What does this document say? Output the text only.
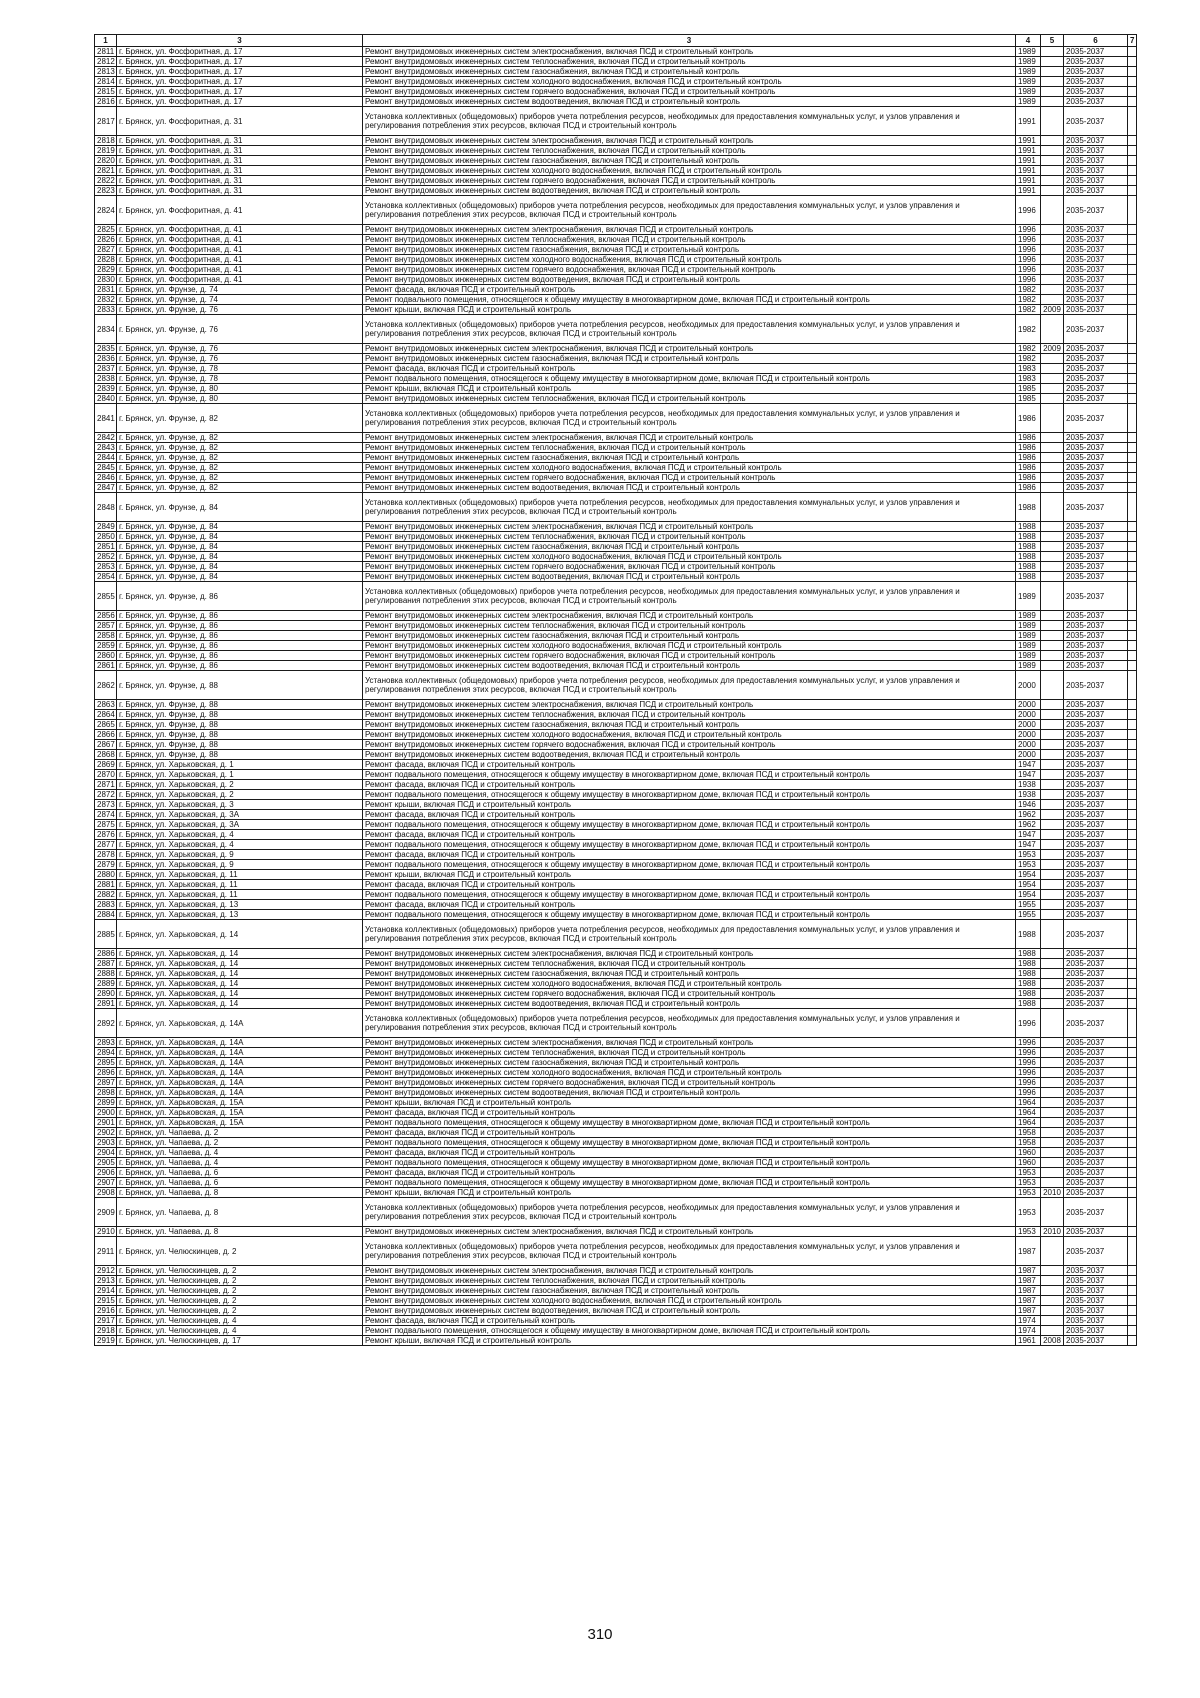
1	3	3	4	5	6	7
2811	г. Брянск, ул. Фосфоритная, д. 17	Ремонт внутридомовых инженерных систем электроснабжения, включая ПСД и строительный контроль	1989		2035-2037	
2812	г. Брянск, ул. Фосфоритная, д. 17	Ремонт внутридомовых инженерных систем теплоснабжения, включая ПСД и строительный контроль	1989		2035-2037	
2813	г. Брянск, ул. Фосфоритная, д. 17	Ремонт внутридомовых инженерных систем газоснабжения, включая ПСД и строительный контроль	1989		2035-2037	
2814	г. Брянск, ул. Фосфоритная, д. 17	Ремонт внутридомовых инженерных систем холодного водоснабжения, включая ПСД и строительный контроль	1989		2035-2037	
2815	г. Брянск, ул. Фосфоритная, д. 17	Ремонт внутридомовых инженерных систем горячего водоснабжения, включая ПСД и строительный контроль	1989		2035-2037	
2816	г. Брянск, ул. Фосфоритная, д. 17	Ремонт внутридомовых инженерных систем водоотведения, включая ПСД и строительный контроль	1989		2035-2037	
2817	г. Брянск, ул. Фосфоритная, д. 31	Установка коллективных (общедомовых) приборов учета потребления ресурсов, необходимых для предоставления коммунальных услуг, и узлов управления и регулирования потребления этих ресурсов, включая ПСД и строительный контроль	1991		2035-2037	
2818	г. Брянск, ул. Фосфоритная, д. 31	Ремонт внутридомовых инженерных систем электроснабжения, включая ПСД и строительный контроль	1991		2035-2037	
2819	г. Брянск, ул. Фосфоритная, д. 31	Ремонт внутридомовых инженерных систем теплоснабжения, включая ПСД и строительный контроль	1991		2035-2037	
2820	г. Брянск, ул. Фосфоритная, д. 31	Ремонт внутридомовых инженерных систем газоснабжения, включая ПСД и строительный контроль	1991		2035-2037	
2821	г. Брянск, ул. Фосфоритная, д. 31	Ремонт внутридомовых инженерных систем холодного водоснабжения, включая ПСД и строительный контроль	1991		2035-2037	
2822	г. Брянск, ул. Фосфоритная, д. 31	Ремонт внутридомовых инженерных систем горячего водоснабжения, включая ПСД и строительный контроль	1991		2035-2037	
2823	г. Брянск, ул. Фосфоритная, д. 31	Ремонт внутридомовых инженерных систем водоотведения, включая ПСД и строительный контроль	1991		2035-2037	
2824	г. Брянск, ул. Фосфоритная, д. 41	Установка коллективных (общедомовых) приборов учета потребления ресурсов, необходимых для предоставления коммунальных услуг, и узлов управления и регулирования потребления этих ресурсов, включая ПСД и строительный контроль	1996		2035-2037	
2825	г. Брянск, ул. Фосфоритная, д. 41	Ремонт внутридомовых инженерных систем электроснабжения, включая ПСД и строительный контроль	1996		2035-2037	
2826	г. Брянск, ул. Фосфоритная, д. 41	Ремонт внутридомовых инженерных систем теплоснабжения, включая ПСД и строительный контроль	1996		2035-2037	
2827	г. Брянск, ул. Фосфоритная, д. 41	Ремонт внутридомовых инженерных систем газоснабжения, включая ПСД и строительный контроль	1996		2035-2037	
2828	г. Брянск, ул. Фосфоритная, д. 41	Ремонт внутридомовых инженерных систем холодного водоснабжения, включая ПСД и строительный контроль	1996		2035-2037	
2829	г. Брянск, ул. Фосфоритная, д. 41	Ремонт внутридомовых инженерных систем горячего водоснабжения, включая ПСД и строительный контроль	1996		2035-2037	
2830	г. Брянск, ул. Фосфоритная, д. 41	Ремонт внутридомовых инженерных систем водоотведения, включая ПСД и строительный контроль	1996		2035-2037	
2831	г. Брянск, ул. Фрунзе, д. 74	Ремонт фасада, включая ПСД и строительный контроль	1982		2035-2037	
2832	г. Брянск, ул. Фрунзе, д. 74	Ремонт подвального помещения, относящегося к общему имуществу в многоквартирном доме, включая ПСД и строительный контроль	1982		2035-2037	
2833	г. Брянск, ул. Фрунзе, д. 76	Ремонт крыши, включая ПСД и строительный контроль	1982	2009	2035-2037	
2834	г. Брянск, ул. Фрунзе, д. 76	Установка коллективных (общедомовых) приборов учета потребления ресурсов, необходимых для предоставления коммунальных услуг, и узлов управления и регулирования потребления этих ресурсов, включая ПСД и строительный контроль	1982		2035-2037	
2835	г. Брянск, ул. Фрунзе, д. 76	Ремонт внутридомовых инженерных систем электроснабжения, включая ПСД и строительный контроль	1982	2009	2035-2037	
2836	г. Брянск, ул. Фрунзе, д. 76	Ремонт внутридомовых инженерных систем газоснабжения, включая ПСД и строительный контроль	1982		2035-2037	
2837	г. Брянск, ул. Фрунзе, д. 78	Ремонт фасада, включая ПСД и строительный контроль	1983		2035-2037	
2838	г. Брянск, ул. Фрунзе, д. 78	Ремонт подвального помещения, относящегося к общему имуществу в многоквартирном доме, включая ПСД и строительный контроль	1983		2035-2037	
2839	г. Брянск, ул. Фрунзе, д. 80	Ремонт крыши, включая ПСД и строительный контроль	1985		2035-2037	
2840	г. Брянск, ул. Фрунзе, д. 80	Ремонт внутридомовых инженерных систем теплоснабжения, включая ПСД и строительный контроль	1985		2035-2037	
2841	г. Брянск, ул. Фрунзе, д. 82	Установка коллективных (общедомовых) приборов учета потребления ресурсов, необходимых для предоставления коммунальных услуг, и узлов управления и регулирования потребления этих ресурсов, включая ПСД и строительный контроль	1986		2035-2037	
2842	г. Брянск, ул. Фрунзе, д. 82	Ремонт внутридомовых инженерных систем электроснабжения, включая ПСД и строительный контроль	1986		2035-2037	
2843	г. Брянск, ул. Фрунзе, д. 82	Ремонт внутридомовых инженерных систем теплоснабжения, включая ПСД и строительный контроль	1986		2035-2037	
2844	г. Брянск, ул. Фрунзе, д. 82	Ремонт внутридомовых инженерных систем газоснабжения, включая ПСД и строительный контроль	1986		2035-2037	
2845	г. Брянск, ул. Фрунзе, д. 82	Ремонт внутридомовых инженерных систем холодного водоснабжения, включая ПСД и строительный контроль	1986		2035-2037	
2846	г. Брянск, ул. Фрунзе, д. 82	Ремонт внутридомовых инженерных систем горячего водоснабжения, включая ПСД и строительный контроль	1986		2035-2037	
2847	г. Брянск, ул. Фрунзе, д. 82	Ремонт внутридомовых инженерных систем водоотведения, включая ПСД и строительный контроль	1986		2035-2037	
2848	г. Брянск, ул. Фрунзе, д. 84	Установка коллективных (общедомовых) приборов учета потребления ресурсов, необходимых для предоставления коммунальных услуг, и узлов управления и регулирования потребления этих ресурсов, включая ПСД и строительный контроль	1988		2035-2037	
2849	г. Брянск, ул. Фрунзе, д. 84	Ремонт внутридомовых инженерных систем электроснабжения, включая ПСД и строительный контроль	1988		2035-2037	
2850	г. Брянск, ул. Фрунзе, д. 84	Ремонт внутридомовых инженерных систем теплоснабжения, включая ПСД и строительный контроль	1988		2035-2037	
2851	г. Брянск, ул. Фрунзе, д. 84	Ремонт внутридомовых инженерных систем газоснабжения, включая ПСД и строительный контроль	1988		2035-2037	
2852	г. Брянск, ул. Фрунзе, д. 84	Ремонт внутридомовых инженерных систем холодного водоснабжения, включая ПСД и строительный контроль	1988		2035-2037	
2853	г. Брянск, ул. Фрунзе, д. 84	Ремонт внутридомовых инженерных систем горячего водоснабжения, включая ПСД и строительный контроль	1988		2035-2037	
2854	г. Брянск, ул. Фрунзе, д. 84	Ремонт внутридомовых инженерных систем водоотведения, включая ПСД и строительный контроль	1988		2035-2037	
2855	г. Брянск, ул. Фрунзе, д. 86	Установка коллективных (общедомовых) приборов учета потребления ресурсов, необходимых для предоставления коммунальных услуг, и узлов управления и регулирования потребления этих ресурсов, включая ПСД и строительный контроль	1989		2035-2037	
2856	г. Брянск, ул. Фрунзе, д. 86	Ремонт внутридомовых инженерных систем электроснабжения, включая ПСД и строительный контроль	1989		2035-2037	
2857	г. Брянск, ул. Фрунзе, д. 86	Ремонт внутридомовых инженерных систем теплоснабжения, включая ПСД и строительный контроль	1989		2035-2037	
2858	г. Брянск, ул. Фрунзе, д. 86	Ремонт внутридомовых инженерных систем газоснабжения, включая ПСД и строительный контроль	1989		2035-2037	
2859	г. Брянск, ул. Фрунзе, д. 86	Ремонт внутридомовых инженерных систем холодного водоснабжения, включая ПСД и строительный контроль	1989		2035-2037	
2860	г. Брянск, ул. Фрунзе, д. 86	Ремонт внутридомовых инженерных систем горячего водоснабжения, включая ПСД и строительный контроль	1989		2035-2037	
2861	г. Брянск, ул. Фрунзе, д. 86	Ремонт внутридомовых инженерных систем водоотведения, включая ПСД и строительный контроль	1989		2035-2037	
2862	г. Брянск, ул. Фрунзе, д. 88	Установка коллективных (общедомовых) приборов учета потребления ресурсов, необходимых для предоставления коммунальных услуг, и узлов управления и регулирования потребления этих ресурсов, включая ПСД и строительный контроль	2000		2035-2037	
2863	г. Брянск, ул. Фрунзе, д. 88	Ремонт внутридомовых инженерных систем электроснабжения, включая ПСД и строительный контроль	2000		2035-2037	
2864	г. Брянск, ул. Фрунзе, д. 88	Ремонт внутридомовых инженерных систем теплоснабжения, включая ПСД и строительный контроль	2000		2035-2037	
2865	г. Брянск, ул. Фрунзе, д. 88	Ремонт внутридомовых инженерных систем газоснабжения, включая ПСД и строительный контроль	2000		2035-2037	
2866	г. Брянск, ул. Фрунзе, д. 88	Ремонт внутридомовых инженерных систем холодного водоснабжения, включая ПСД и строительный контроль	2000		2035-2037	
2867	г. Брянск, ул. Фрунзе, д. 88	Ремонт внутридомовых инженерных систем горячего водоснабжения, включая ПСД и строительный контроль	2000		2035-2037	
2868	г. Брянск, ул. Фрунзе, д. 88	Ремонт внутридомовых инженерных систем водоотведения, включая ПСД и строительный контроль	2000		2035-2037	
2869	г. Брянск, ул. Харьковская, д. 1	Ремонт фасада, включая ПСД и строительный контроль	1947		2035-2037	
2870	г. Брянск, ул. Харьковская, д. 1	Ремонт подвального помещения, относящегося к общему имуществу в многоквартирном доме, включая ПСД и строительный контроль	1947		2035-2037	
2871	г. Брянск, ул. Харьковская, д. 2	Ремонт фасада, включая ПСД и строительный контроль	1938		2035-2037	
2872	г. Брянск, ул. Харьковская, д. 2	Ремонт подвального помещения, относящегося к общему имуществу в многоквартирном доме, включая ПСД и строительный контроль	1938		2035-2037	
2873	г. Брянск, ул. Харьковская, д. 3	Ремонт крыши, включая ПСД и строительный контроль	1946		2035-2037	
2874	г. Брянск, ул. Харьковская, д. 3А	Ремонт фасада, включая ПСД и строительный контроль	1962		2035-2037	
2875	г. Брянск, ул. Харьковская, д. 3А	Ремонт подвального помещения, относящегося к общему имуществу в многоквартирном доме, включая ПСД и строительный контроль	1962		2035-2037	
2876	г. Брянск, ул. Харьковская, д. 4	Ремонт фасада, включая ПСД и строительный контроль	1947		2035-2037	
2877	г. Брянск, ул. Харьковская, д. 4	Ремонт подвального помещения, относящегося к общему имуществу в многоквартирном доме, включая ПСД и строительный контроль	1947		2035-2037	
2878	г. Брянск, ул. Харьковская, д. 9	Ремонт фасада, включая ПСД и строительный контроль	1953		2035-2037	
2879	г. Брянск, ул. Харьковская, д. 9	Ремонт подвального помещения, относящегося к общему имуществу в многоквартирном доме, включая ПСД и строительный контроль	1953		2035-2037	
2880	г. Брянск, ул. Харьковская, д. 11	Ремонт крыши, включая ПСД и строительный контроль	1954		2035-2037	
2881	г. Брянск, ул. Харьковская, д. 11	Ремонт фасада, включая ПСД и строительный контроль	1954		2035-2037	
2882	г. Брянск, ул. Харьковская, д. 11	Ремонт подвального помещения, относящегося к общему имуществу в многоквартирном доме, включая ПСД и строительный контроль	1954		2035-2037	
2883	г. Брянск, ул. Харьковская, д. 13	Ремонт фасада, включая ПСД и строительный контроль	1955		2035-2037	
2884	г. Брянск, ул. Харьковская, д. 13	Ремонт подвального помещения, относящегося к общему имуществу в многоквартирном доме, включая ПСД и строительный контроль	1955		2035-2037	
2885	г. Брянск, ул. Харьковская, д. 14	Установка коллективных (общедомовых) приборов учета потребления ресурсов, необходимых для предоставления коммунальных услуг, и узлов управления и регулирования потребления этих ресурсов, включая ПСД и строительный контроль	1988		2035-2037	
2886	г. Брянск, ул. Харьковская, д. 14	Ремонт внутридомовых инженерных систем электроснабжения, включая ПСД и строительный контроль	1988		2035-2037	
2887	г. Брянск, ул. Харьковская, д. 14	Ремонт внутридомовых инженерных систем теплоснабжения, включая ПСД и строительный контроль	1988		2035-2037	
2888	г. Брянск, ул. Харьковская, д. 14	Ремонт внутридомовых инженерных систем газоснабжения, включая ПСД и строительный контроль	1988		2035-2037	
2889	г. Брянск, ул. Харьковская, д. 14	Ремонт внутридомовых инженерных систем холодного водоснабжения, включая ПСД и строительный контроль	1988		2035-2037	
2890	г. Брянск, ул. Харьковская, д. 14	Ремонт внутридомовых инженерных систем горячего водоснабжения, включая ПСД и строительный контроль	1988		2035-2037	
2891	г. Брянск, ул. Харьковская, д. 14	Ремонт внутридомовых инженерных систем водоотведения, включая ПСД и строительный контроль	1988		2035-2037	
2892	г. Брянск, ул. Харьковская, д. 14А	Установка коллективных (общедомовых) приборов учета потребления ресурсов, необходимых для предоставления коммунальных услуг, и узлов управления и регулирования потребления этих ресурсов, включая ПСД и строительный контроль	1996		2035-2037	
2893	г. Брянск, ул. Харьковская, д. 14А	Ремонт внутридомовых инженерных систем электроснабжения, включая ПСД и строительный контроль	1996		2035-2037	
2894	г. Брянск, ул. Харьковская, д. 14А	Ремонт внутридомовых инженерных систем теплоснабжения, включая ПСД и строительный контроль	1996		2035-2037	
2895	г. Брянск, ул. Харьковская, д. 14А	Ремонт внутридомовых инженерных систем газоснабжения, включая ПСД и строительный контроль	1996		2035-2037	
2896	г. Брянск, ул. Харьковская, д. 14А	Ремонт внутридомовых инженерных систем холодного водоснабжения, включая ПСД и строительный контроль	1996		2035-2037	
2897	г. Брянск, ул. Харьковская, д. 14А	Ремонт внутридомовых инженерных систем горячего водоснабжения, включая ПСД и строительный контроль	1996		2035-2037	
2898	г. Брянск, ул. Харьковская, д. 14А	Ремонт внутридомовых инженерных систем водоотведения, включая ПСД и строительный контроль	1996		2035-2037	
2899	г. Брянск, ул. Харьковская, д. 15А	Ремонт крыши, включая ПСД и строительный контроль	1964		2035-2037	
2900	г. Брянск, ул. Харьковская, д. 15А	Ремонт фасада, включая ПСД и строительный контроль	1964		2035-2037	
2901	г. Брянск, ул. Харьковская, д. 15А	Ремонт подвального помещения, относящегося к общему имуществу в многоквартирном доме, включая ПСД и строительный контроль	1964		2035-2037	
2902	г. Брянск, ул. Чапаева, д. 2	Ремонт фасада, включая ПСД и строительный контроль	1958		2035-2037	
2903	г. Брянск, ул. Чапаева, д. 2	Ремонт подвального помещения, относящегося к общему имуществу в многоквартирном доме, включая ПСД и строительный контроль	1958		2035-2037	
2904	г. Брянск, ул. Чапаева, д. 4	Ремонт фасада, включая ПСД и строительный контроль	1960		2035-2037	
2905	г. Брянск, ул. Чапаева, д. 4	Ремонт подвального помещения, относящегося к общему имуществу в многоквартирном доме, включая ПСД и строительный контроль	1960		2035-2037	
2906	г. Брянск, ул. Чапаева, д. 6	Ремонт фасада, включая ПСД и строительный контроль	1953		2035-2037	
2907	г. Брянск, ул. Чапаева, д. 6	Ремонт подвального помещения, относящегося к общему имуществу в многоквартирном доме, включая ПСД и строительный контроль	1953		2035-2037	
2908	г. Брянск, ул. Чапаева, д. 8	Ремонт крыши, включая ПСД и строительный контроль	1953	2010	2035-2037	
2909	г. Брянск, ул. Чапаева, д. 8	Установка коллективных (общедомовых) приборов учета потребления ресурсов, необходимых для предоставления коммунальных услуг, и узлов управления и регулирования потребления этих ресурсов, включая ПСД и строительный контроль	1953		2035-2037	
2910	г. Брянск, ул. Чапаева, д. 8	Ремонт внутридомовых инженерных систем электроснабжения, включая ПСД и строительный контроль	1953	2010	2035-2037	
2911	г. Брянск, ул. Челюскинцев, д. 2	Установка коллективных (общедомовых) приборов учета потребления ресурсов, необходимых для предоставления коммунальных услуг, и узлов управления и регулирования потребления этих ресурсов, включая ПСД и строительный контроль	1987		2035-2037	
2912	г. Брянск, ул. Челюскинцев, д. 2	Ремонт внутридомовых инженерных систем электроснабжения, включая ПСД и строительный контроль	1987		2035-2037	
2913	г. Брянск, ул. Челюскинцев, д. 2	Ремонт внутридомовых инженерных систем теплоснабжения, включая ПСД и строительный контроль	1987		2035-2037	
2914	г. Брянск, ул. Челюскинцев, д. 2	Ремонт внутридомовых инженерных систем газоснабжения, включая ПСД и строительный контроль	1987		2035-2037	
2915	г. Брянск, ул. Челюскинцев, д. 2	Ремонт внутридомовых инженерных систем холодного водоснабжения, включая ПСД и строительный контроль	1987		2035-2037	
2916	г. Брянск, ул. Челюскинцев, д. 2	Ремонт внутридомовых инженерных систем водоотведения, включая ПСД и строительный контроль	1987		2035-2037	
2917	г. Брянск, ул. Челюскинцев, д. 4	Ремонт фасада, включая ПСД и строительный контроль	1974		2035-2037	
2918	г. Брянск, ул. Челюскинцев, д. 4	Ремонт подвального помещения, относящегося к общему имуществу в многоквартирном доме, включая ПСД и строительный контроль	1974		2035-2037	
2919	г. Брянск, ул. Челюскинцев, д. 17	Ремонт крыши, включая ПСД и строительный контроль	1961	2008	2035-2037	
310
